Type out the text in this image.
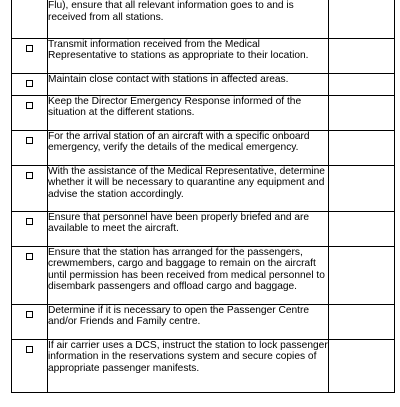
	Flu), ensure that all relevant information goes to and is received from all stations.	
	Transmit information received from the Medical Representative to stations as appropriate to their location.	
	Maintain close contact with stations in affected areas.	
	Keep the Director Emergency Response informed of the situation at the different stations.	
	For the arrival station of an aircraft with a specific onboard emergency, verify the details of the medical emergency.	
	With the assistance of the Medical Representative, determine whether it will be necessary to quarantine any equipment and advise the station accordingly.	
	Ensure that personnel have been properly briefed and are available to meet the aircraft.	
	Ensure that the station has arranged for the passengers, crewmembers, cargo and baggage to remain on the aircraft until permission has been received from medical personnel to disembark passengers and offload cargo and baggage.	
	Determine if it is necessary to open the Passenger Centre and/or Friends and Family centre.	
	If air carrier uses a DCS, instruct the station to lock passenger information in the reservations system and secure copies of appropriate passenger manifests.	
